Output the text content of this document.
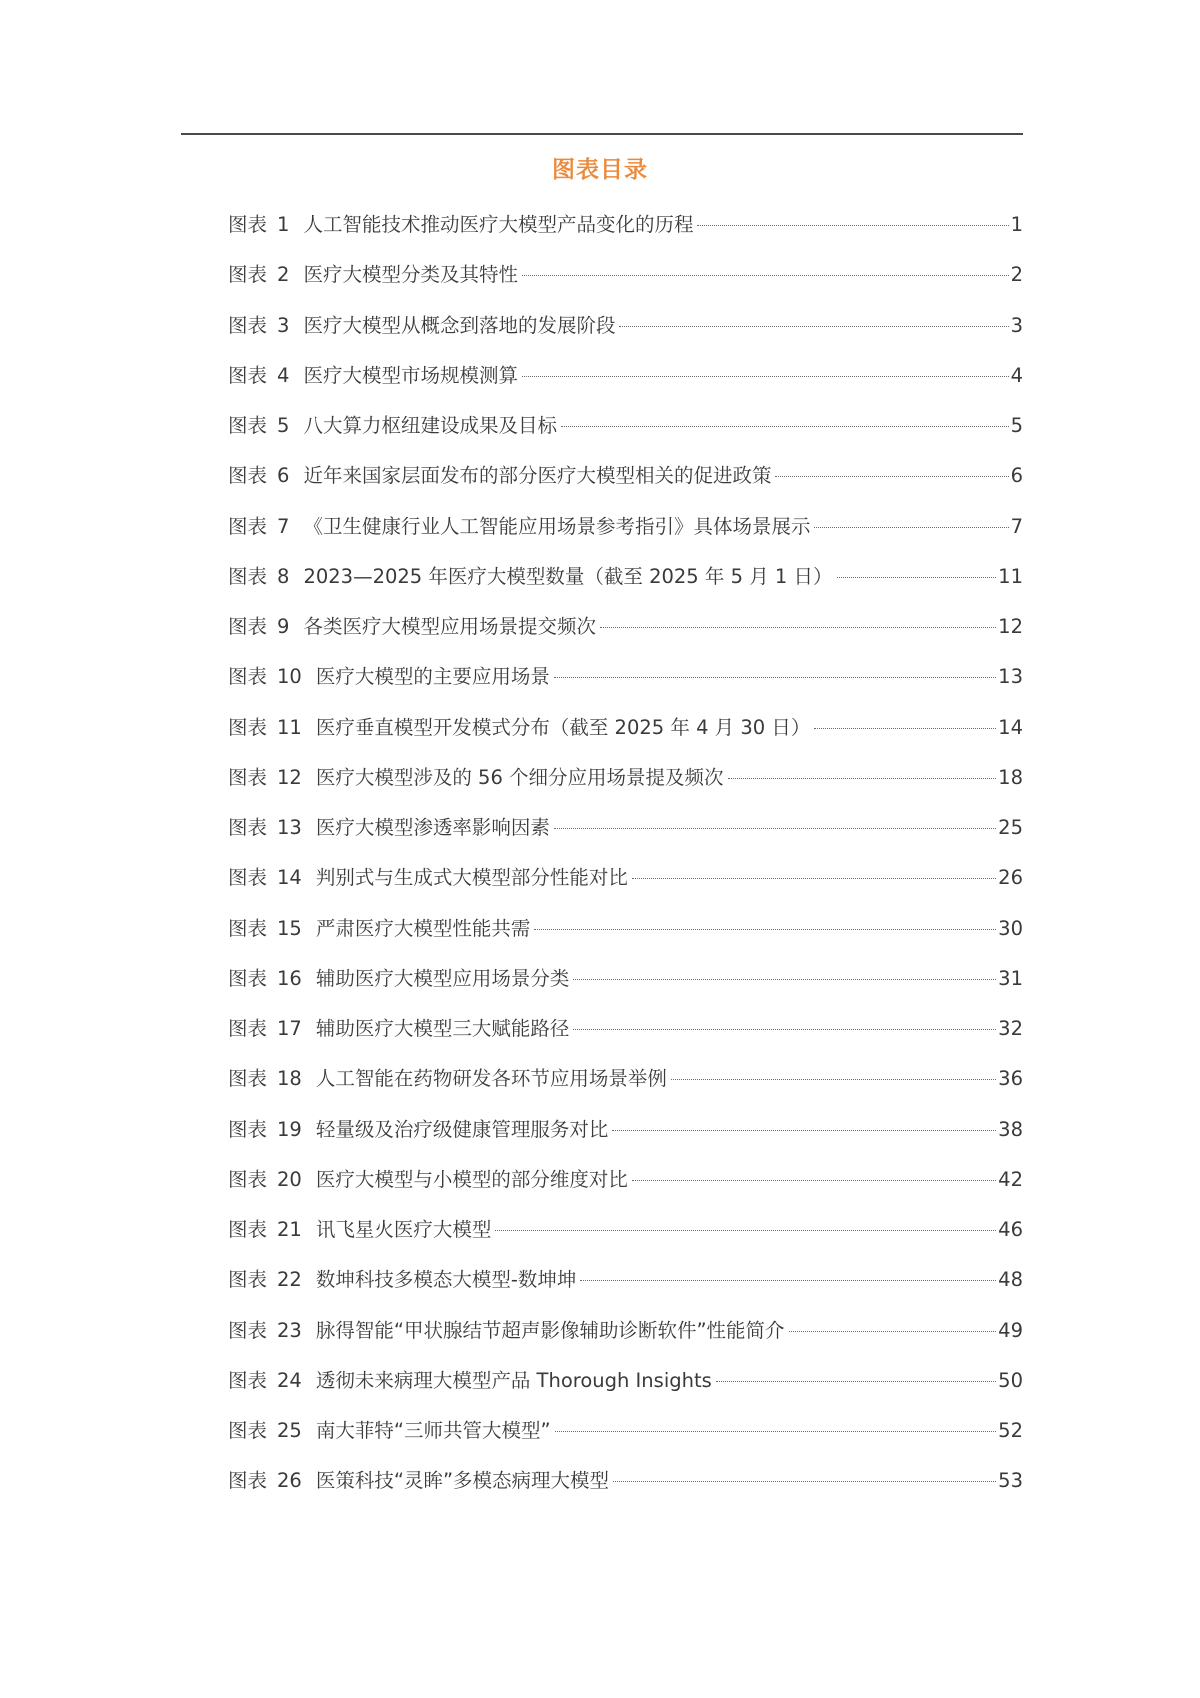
图表目录
图表 1 人工智能技术推动医疗大模型产品变化的历程	1
图表 2 医疗大模型分类及其特性	2
图表 3 医疗大模型从概念到落地的发展阶段	3
图表 4 医疗大模型市场规模测算	4
图表 5 八大算力枢纽建设成果及目标	5
图表 6 近年来国家层面发布的部分医疗大模型相关的促进政策	6
图表 7 《卫生健康行业人工智能应用场景参考指引》具体场景展示	7
图表 8 2023—2025 年医疗大模型数量（截至 2025 年 5 月 1 日）	11
图表 9 各类医疗大模型应用场景提交频次	12
图表 10 医疗大模型的主要应用场景	13
图表 11 医疗垂直模型开发模式分布（截至 2025 年 4 月 30 日）	14
图表 12 医疗大模型涉及的 56 个细分应用场景提及频次	18
图表 13 医疗大模型渗透率影响因素	25
图表 14 判别式与生成式大模型部分性能对比	26
图表 15 严肃医疗大模型性能共需	30
图表 16 辅助医疗大模型应用场景分类	31
图表 17 辅助医疗大模型三大赋能路径	32
图表 18 人工智能在药物研发各环节应用场景举例	36
图表 19 轻量级及治疗级健康管理服务对比	38
图表 20 医疗大模型与小模型的部分维度对比	42
图表 21 讯飞星火医疗大模型	46
图表 22 数坤科技多模态大模型-数坤坤	48
图表 23 脉得智能“甲状腺结节超声影像辅助诊断软件”性能简介	49
图表 24 透彻未来病理大模型产品 Thorough Insights	50
图表 25 南大菲特“三师共管大模型”	52
图表 26 医策科技“灵眸”多模态病理大模型	53
